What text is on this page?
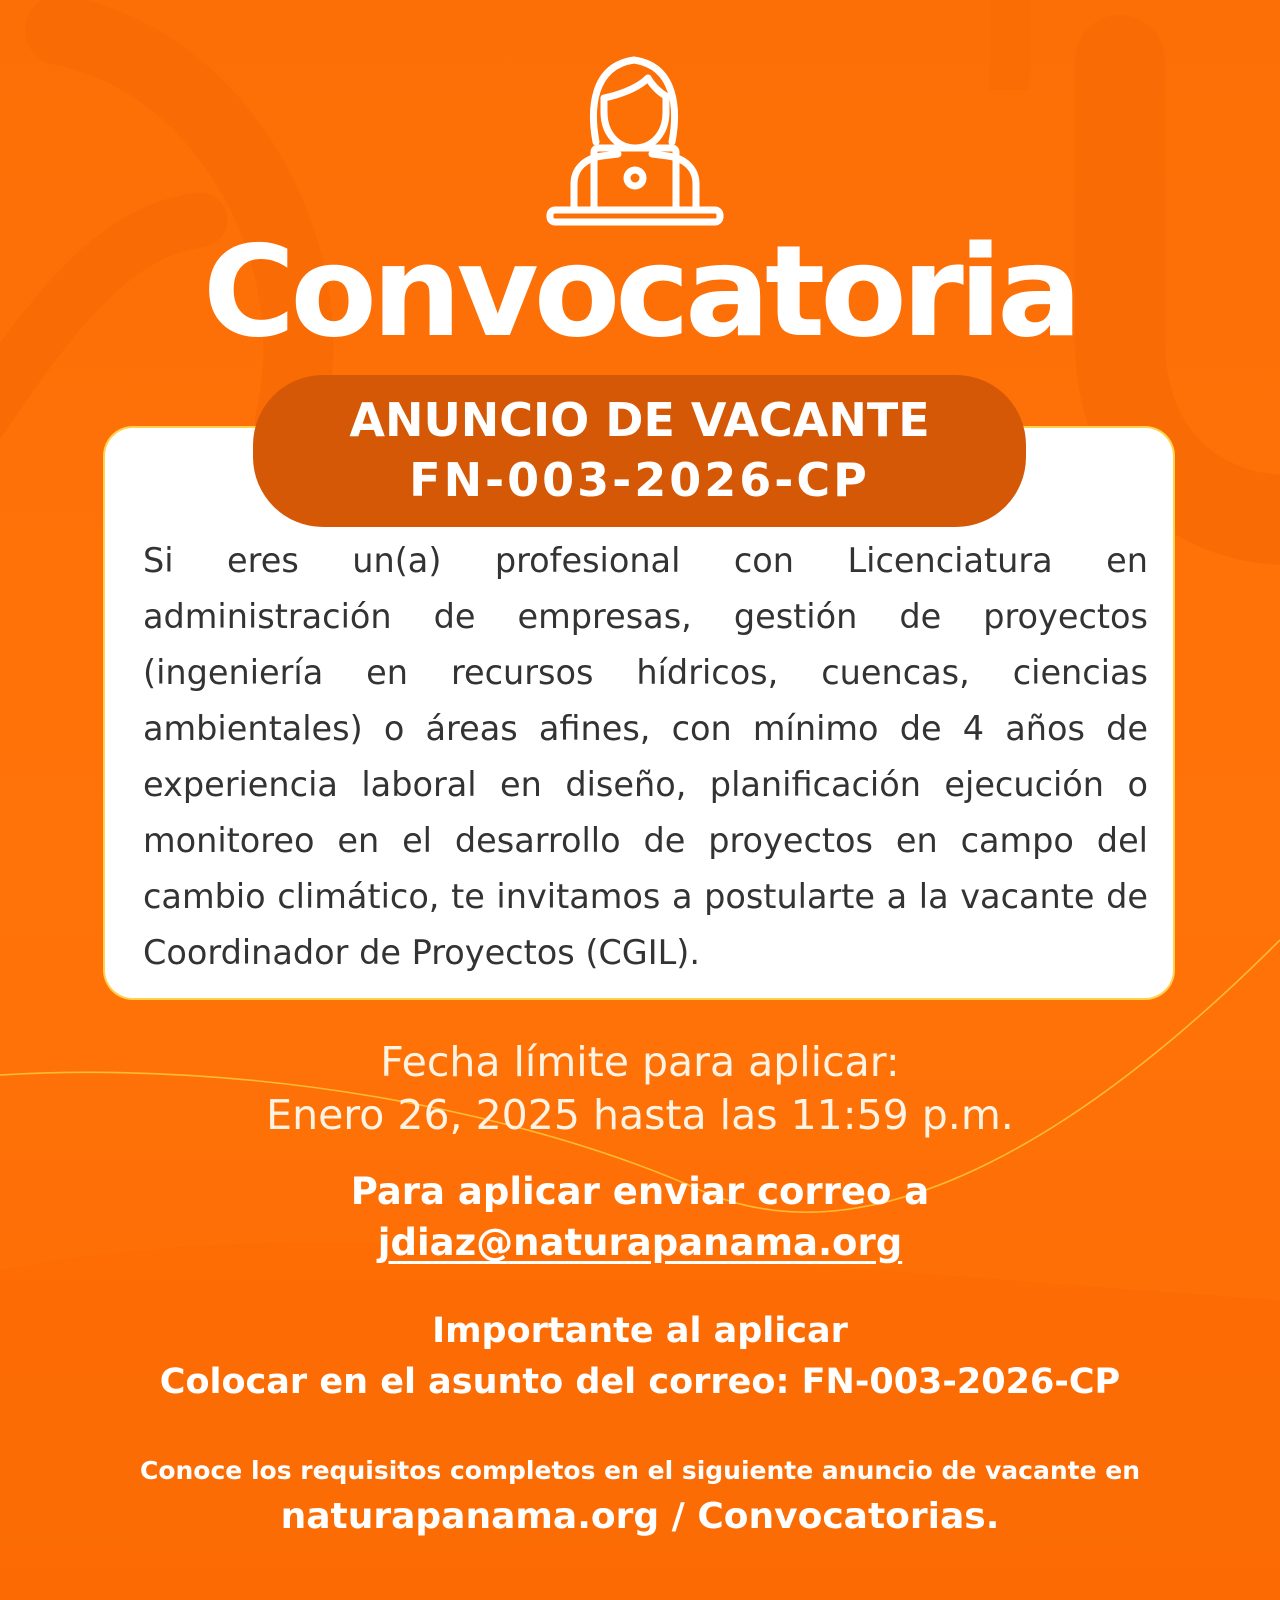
Convocatoria
ANUNCIO DE VACANTE
FN-003-2026-CP
Si eres un(a) profesional con Licenciatura en administración de empresas, gestión de proyectos (ingeniería en recursos hídricos, cuencas, ciencias ambientales) o áreas afines, con mínimo de 4 años de experiencia laboral en diseño, planificación ejecución o monitoreo en el desarrollo de proyectos en campo del cambio climático, te invitamos a postularte a la vacante de Coordinador de Proyectos (CGIL).
Fecha límite para aplicar:
Enero 26, 2025 hasta las 11:59 p.m.
Para aplicar enviar correo a
jdiaz@naturapanama.org
Importante al aplicar
Colocar en el asunto del correo: FN-003-2026-CP
Conoce los requisitos completos en el siguiente anuncio de vacante en
naturapanama.org / Convocatorias.
